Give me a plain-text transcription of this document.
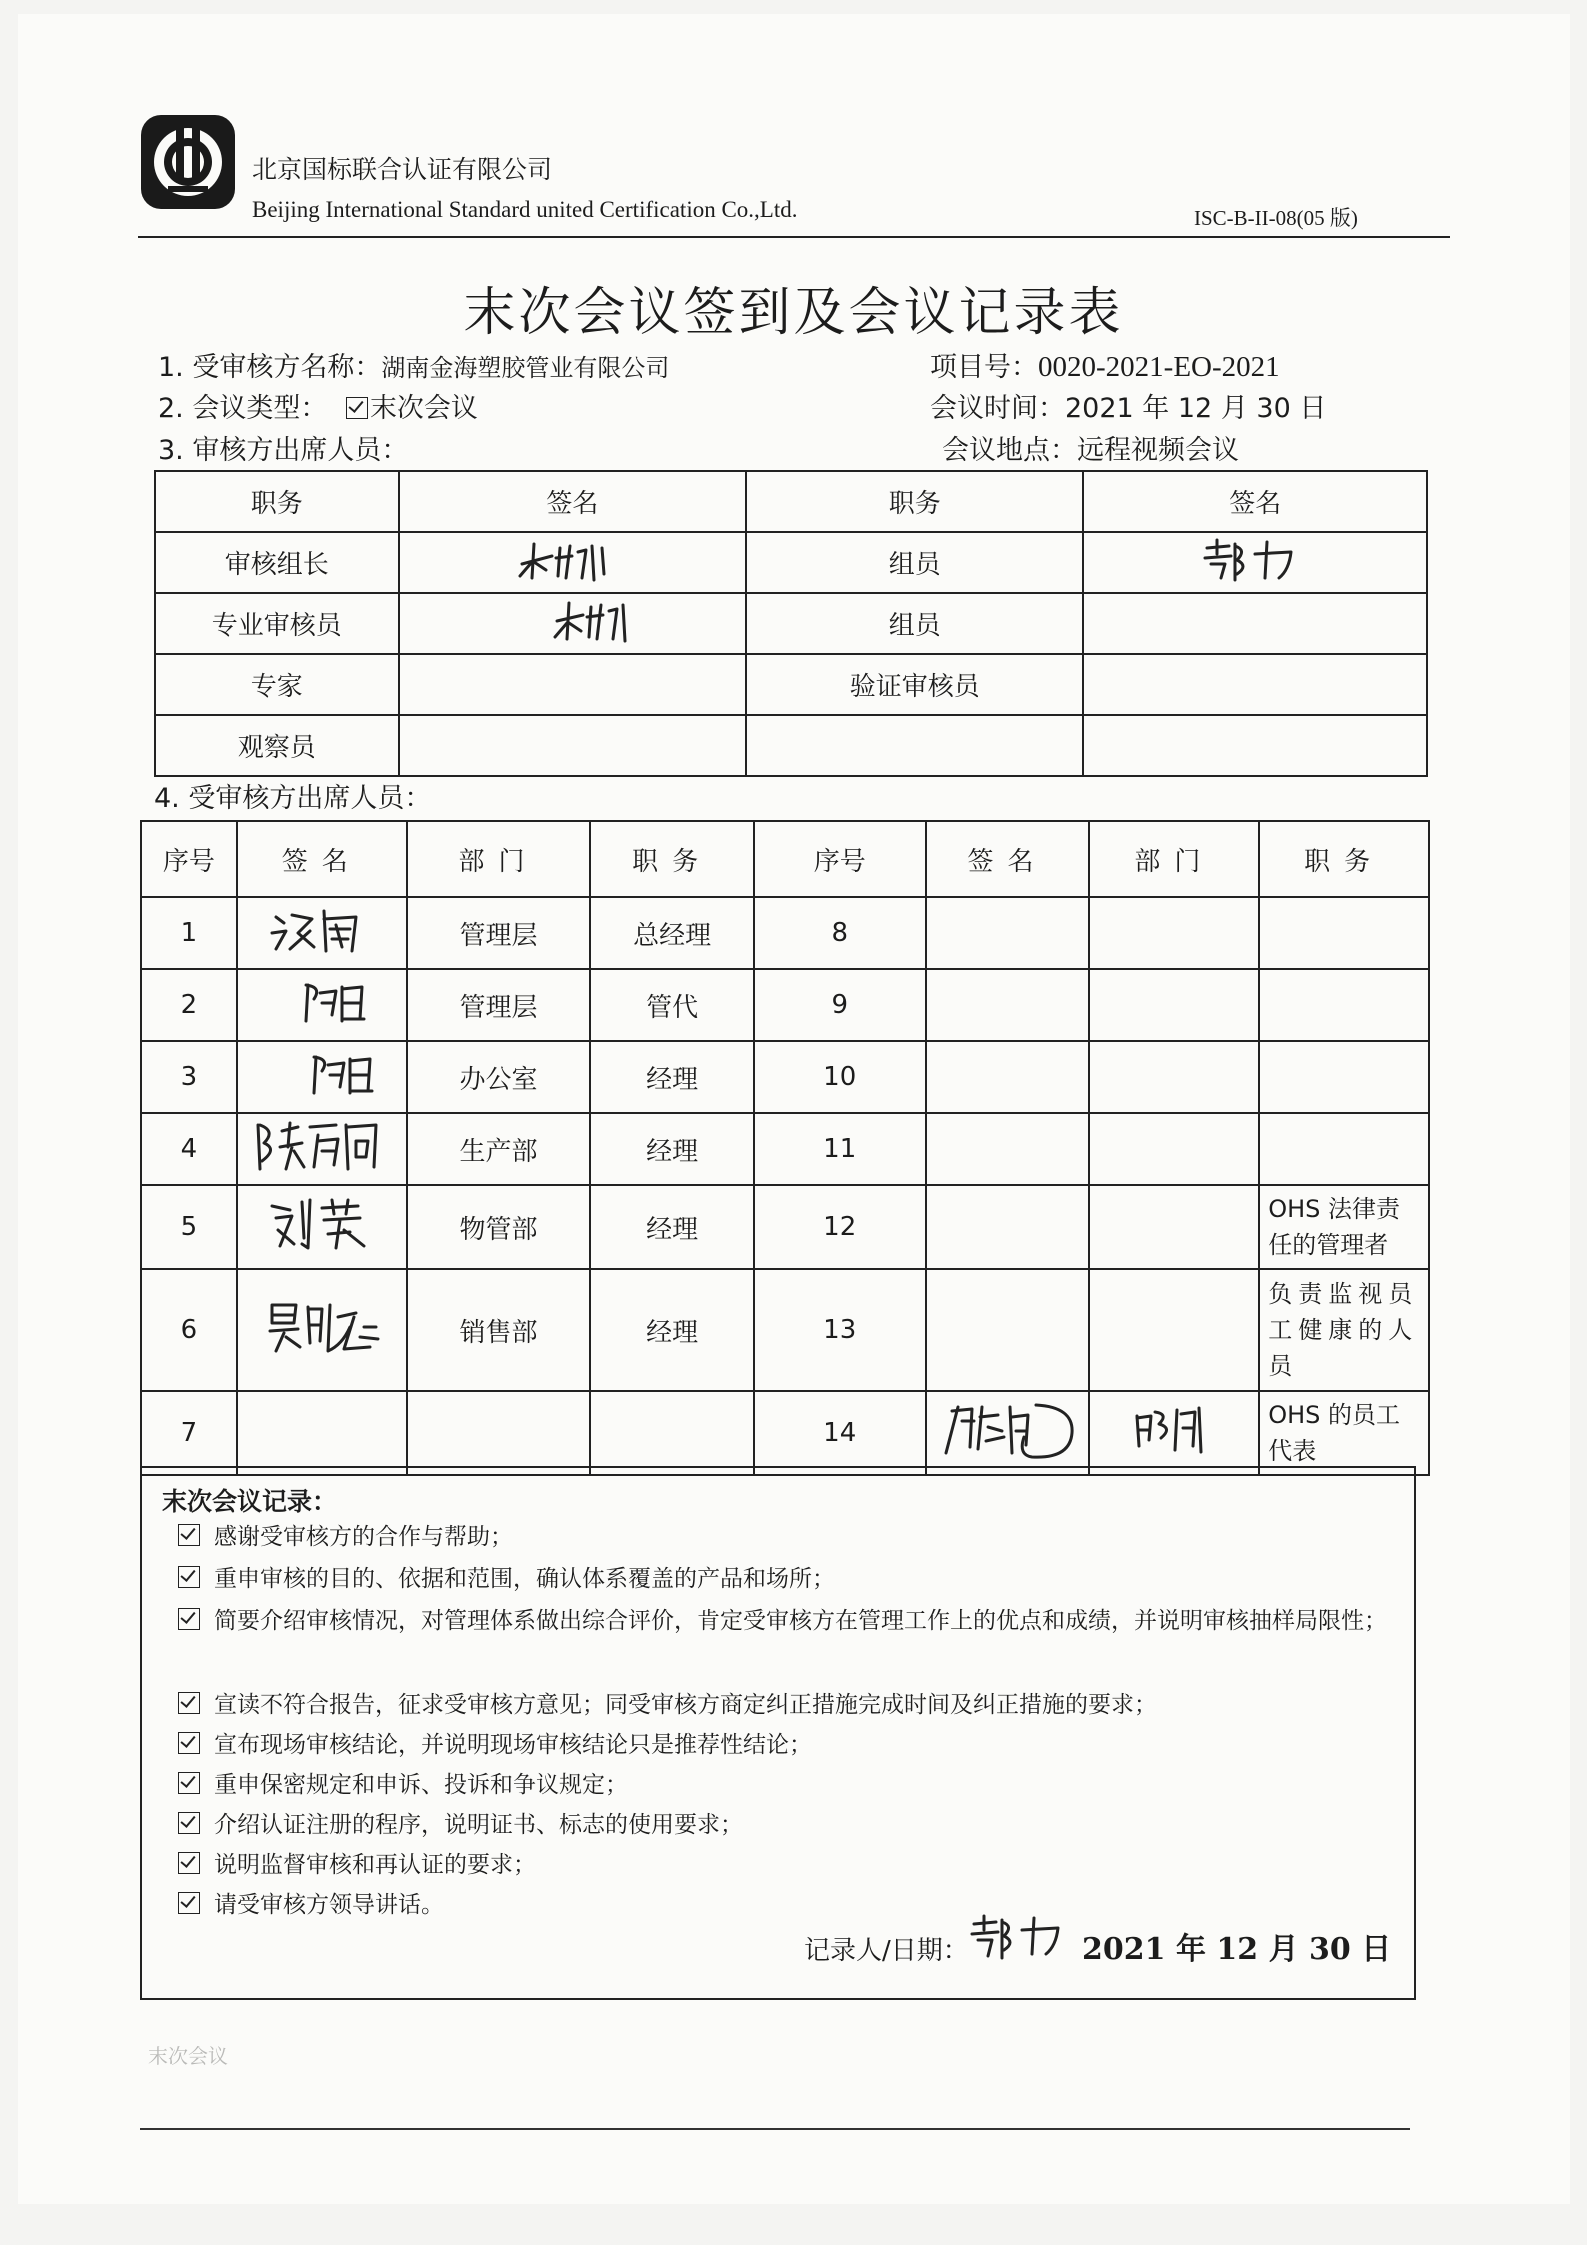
北京国标联合认证有限公司
Beijing International Standard united Certification Co.,Ltd.	ISC-B-II-08(05 版)
末次会议签到及会议记录表
1. 受审核方名称：湖南金海塑胶管业有限公司	项目号：0020-2021-EO-2021
2. 会议类型： 末次会议	会议时间：2021 年 12 月 30 日
3. 审核方出席人员：	会议地点：远程视频会议
职务	签名	职务	签名
审核组长		组员	
专业审核员		组员	
专家		验证审核员	
观察员			
4. 受审核方出席人员：
序号	签名	部门	职务	序号	签名	部门	职务
1		管理层	总经理	8			
2		管理层	管代	9			
3		办公室	经理	10			
4		生产部	经理	11			
5		物管部	经理	12			OHS 法律责任的管理者
6		销售部	经理	13			负责监视员工健康的人员
7				14			OHS 的员工代表
末次会议记录：
感谢受审核方的合作与帮助；
重申审核的目的、依据和范围，确认体系覆盖的产品和场所；
简要介绍审核情况，对管理体系做出综合评价，肯定受审核方在管理工作上的优点和成绩，并说明审核抽样局限性；
宣读不符合报告，征求受审核方意见；同受审核方商定纠正措施完成时间及纠正措施的要求；
宣布现场审核结论，并说明现场审核结论只是推荐性结论；
重申保密规定和申诉、投诉和争议规定；
介绍认证注册的程序，说明证书、标志的使用要求；
说明监督审核和再认证的要求；
请受审核方领导讲话。
记录人/日期：	2021 年 12 月 30 日
末次会议
